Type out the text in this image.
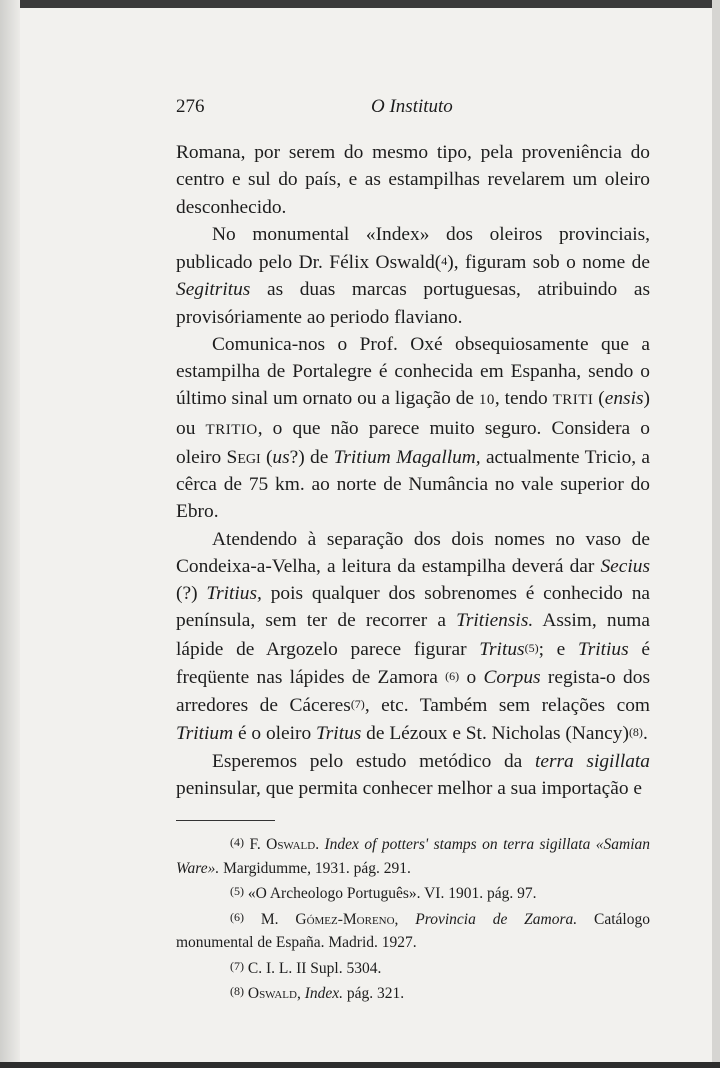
276	O Instituto

Romana, por serem do mesmo tipo, pela proveniência do centro e sul do país, e as estampilhas revelarem um oleiro desconhecido.

No monumental «Index» dos oleiros provinciais, publicado pelo Dr. Félix Oswald($^4$), figuram sob o nome de Segitritus as duas marcas portuguesas, atribuindo as provisóriamente ao periodo flaviano.

Comunica-nos o Prof. Oxé obsequiosamente que a estampilha de Portalegre é conhecida em Espanha, sendo o último sinal um ornato ou a ligação de 10, tendo TRITI (ensis) ou TRITIO, o que não parece muito seguro. Considera o oleiro Segi (us?) de Tritium Magallum, actualmente Tricio, a cêrca de 75 km. ao norte de Numância no vale superior do Ebro.

Atendendo à separação dos dois nomes no vaso de Condeixa-a-Velha, a leitura da estampilha deverá dar Secius (?) Tritius, pois qualquer dos sobrenomes é conhecido na península, sem ter de recorrer a Tritiensis. Assim, numa lápide de Argozelo parece figurar Tritus$^{(5)}$; e Tritius é freqüente nas lápides de Zamora $^{(6)}$ o Corpus regista-o dos arredores de Cáceres$^{(7)}$, etc. Também sem relações com Tritium é o oleiro Tritus de Lézoux e St. Nicholas (Nancy)$^{(8)}$.

Esperemos pelo estudo metódico da terra sigillata peninsular, que permita conhecer melhor a sua importação e

(4) F. Oswald. Index of potters' stamps on terra sigillata «Samian Ware». Margidumme, 1931. pág. 291.

(5) «O Archeologo Português». VI. 1901. pág. 97.

(6) M. Gómez-Moreno, Provincia de Zamora. Catálogo monumental de España. Madrid. 1927.

(7) C. I. L. II Supl. 5304.

(8) Oswald, Index. pág. 321.
